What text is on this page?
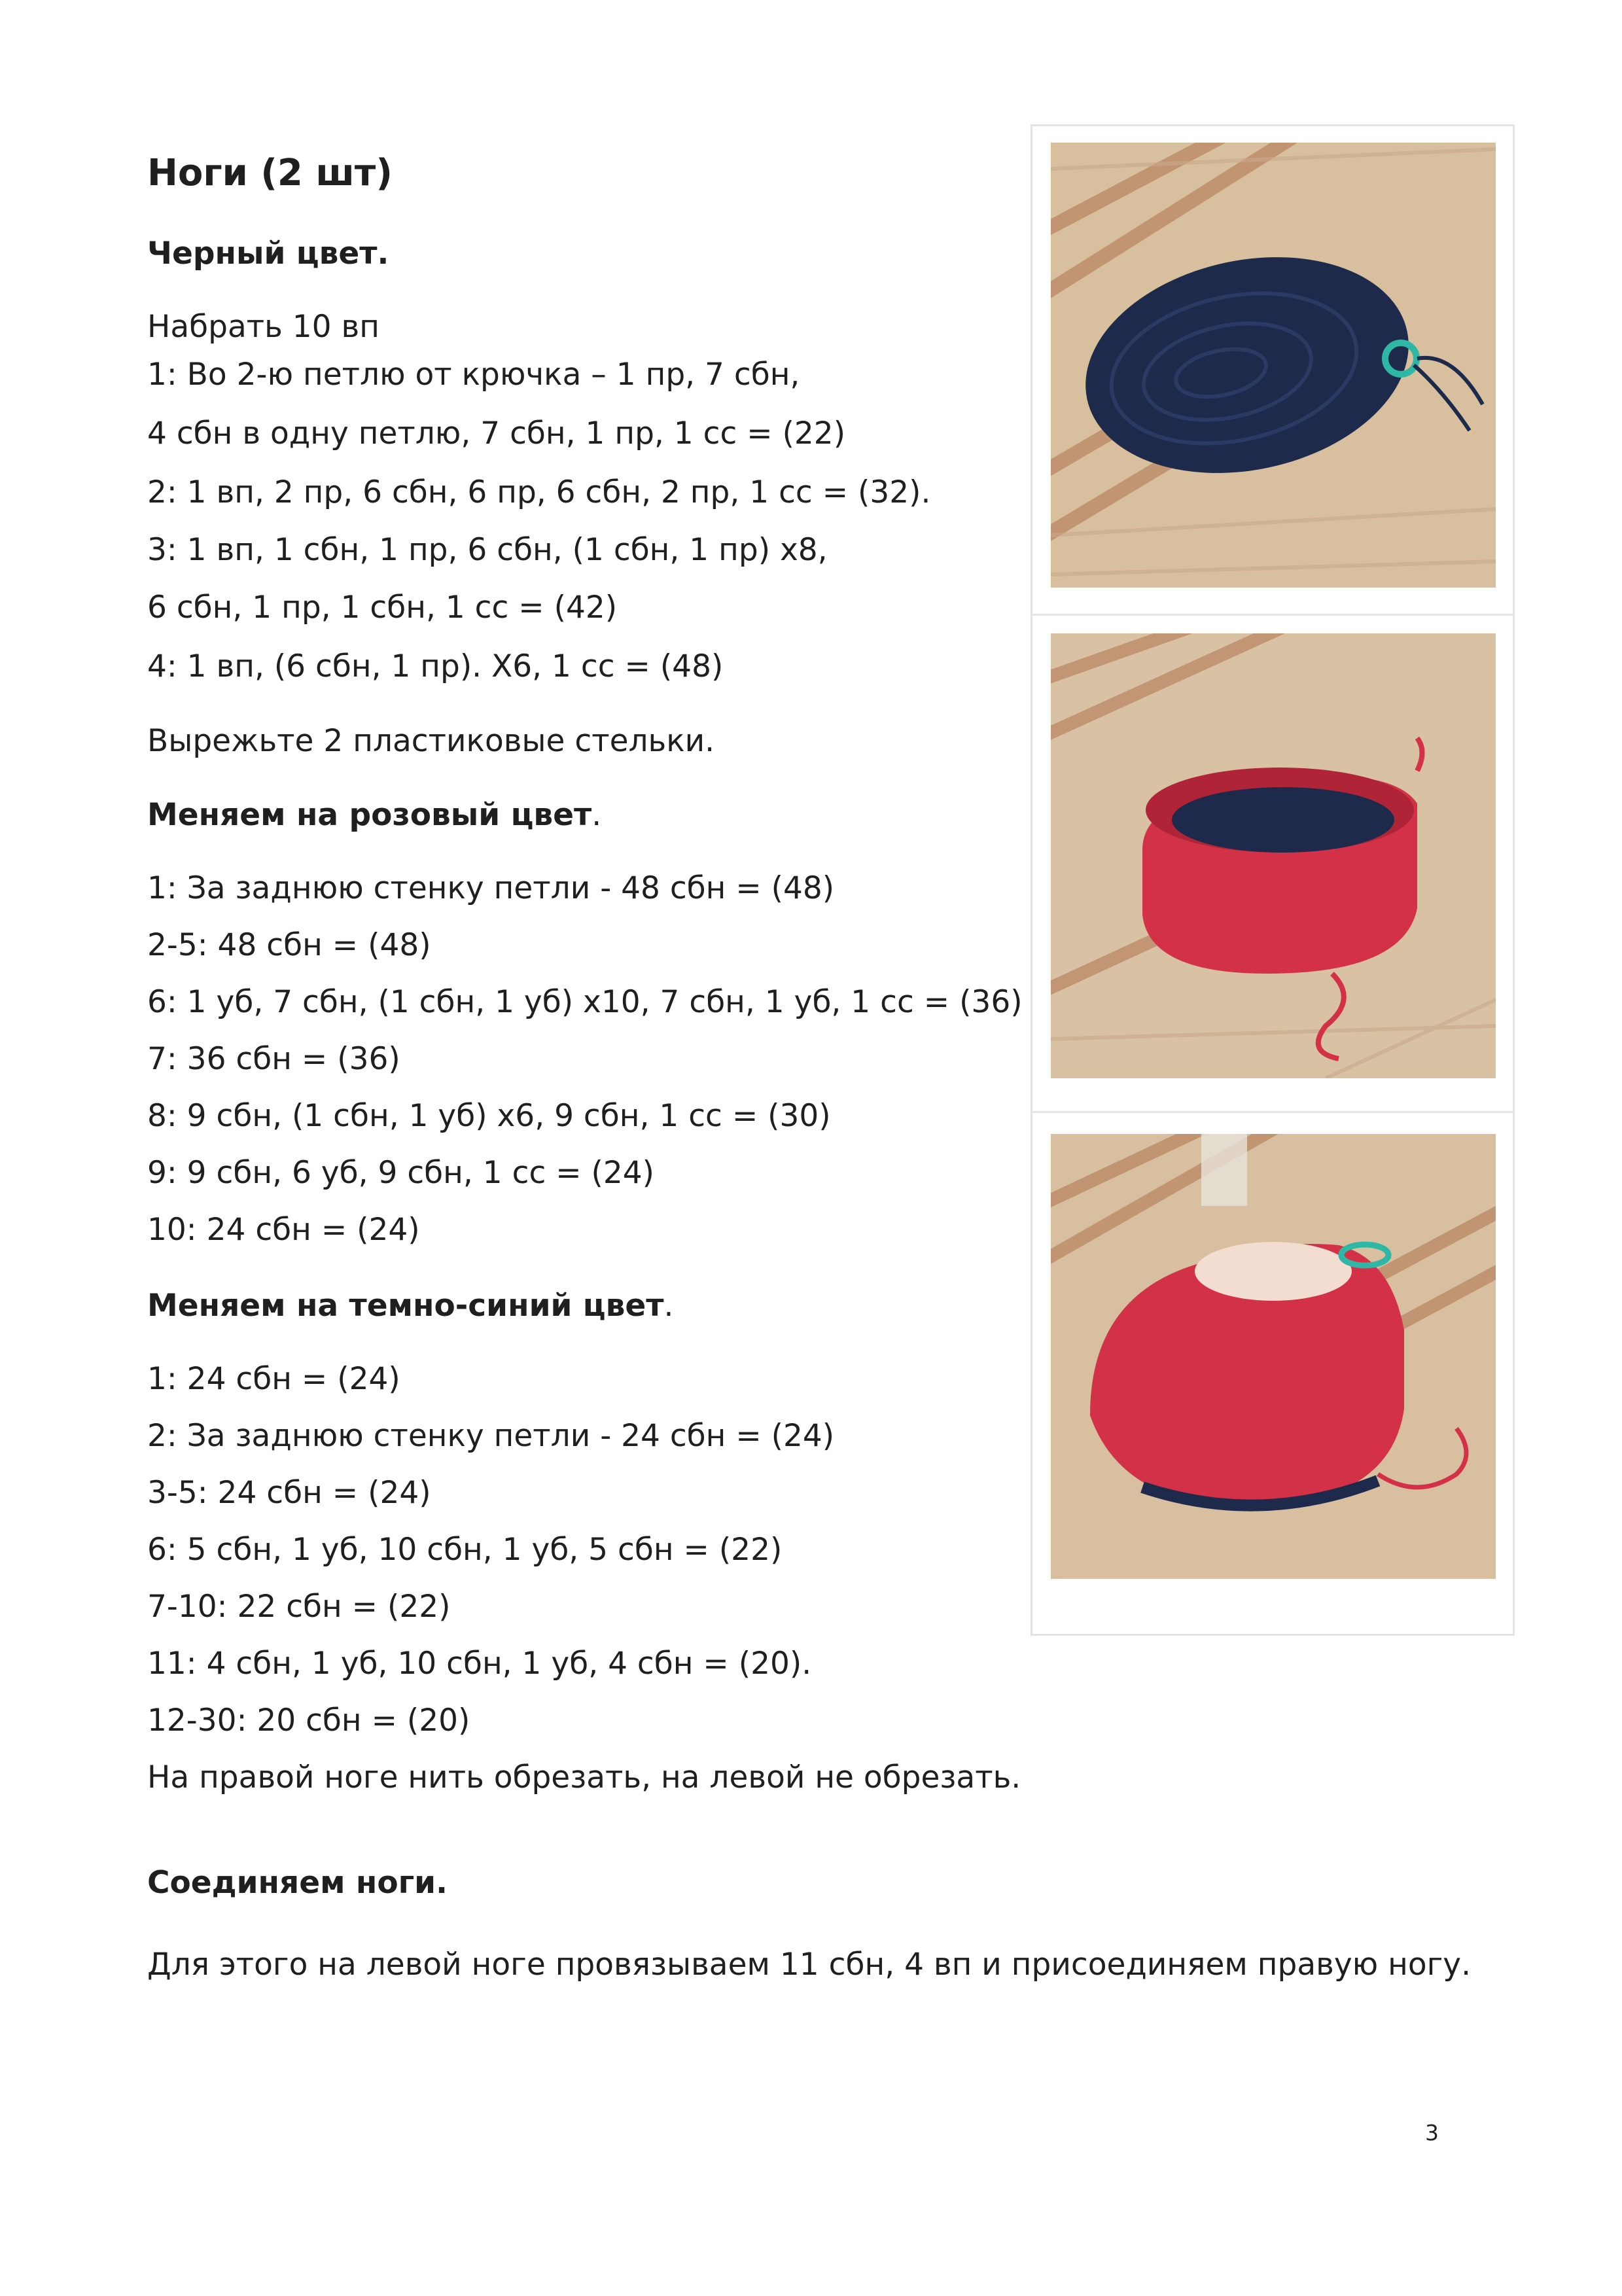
Ноги (2 шт)
Черный цвет.
Набрать 10 вп
1: Во 2-ю петлю от крючка – 1 пр, 7 сбн,
4 сбн в одну петлю, 7 сбн, 1 пр, 1 сс = (22)
2: 1 вп, 2 пр, 6 сбн, 6 пр, 6 сбн, 2 пр, 1 сс = (32).
3: 1 вп, 1 сбн, 1 пр, 6 сбн, (1 сбн, 1 пр) х8,
6 сбн, 1 пр, 1 сбн, 1 сс = (42)
4: 1 вп, (6 сбн, 1 пр). Х6, 1 сс = (48)
Вырежьте 2 пластиковые стельки.
Меняем на розовый цвет.
1: За заднюю стенку петли - 48 сбн = (48)
2-5: 48 сбн = (48)
6: 1 уб, 7 сбн, (1 сбн, 1 уб) х10, 7 сбн, 1 уб, 1 сс = (36)
7: 36 сбн = (36)
8: 9 сбн, (1 сбн, 1 уб) х6, 9 сбн, 1 сс = (30)
9: 9 сбн, 6 уб, 9 сбн, 1 сс = (24)
10: 24 сбн = (24)
Меняем на темно-синий цвет.
1: 24 сбн = (24)
2: За заднюю стенку петли - 24 сбн = (24)
3-5: 24 сбн = (24)
6: 5 сбн, 1 уб, 10 сбн, 1 уб, 5 сбн = (22)
7-10: 22 сбн = (22)
11: 4 сбн, 1 уб, 10 сбн, 1 уб, 4 сбн = (20).
12-30: 20 сбн = (20)
На правой ноге нить обрезать, на левой не обрезать.
Соединяем ноги.
Для этого на левой ноге провязываем 11 сбн, 4 вп и присоединяем правую ногу.
3
